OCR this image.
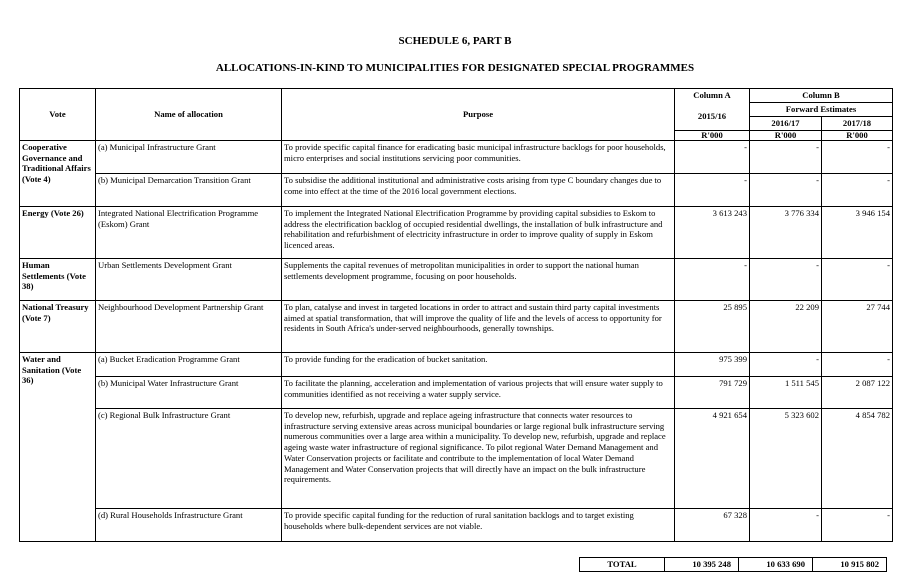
SCHEDULE 6, PART B
ALLOCATIONS-IN-KIND TO MUNICIPALITIES FOR DESIGNATED SPECIAL PROGRAMMES
Vote	Name of allocation	Purpose	Column A	Column B	
			2015/16	Forward Estimates	
				2016/17	2017/18
			R'000	R'000	R'000
Cooperative Governance and Traditional Affairs (Vote 4)	(a) Municipal Infrastructure Grant	To provide specific capital finance for eradicating basic municipal infrastructure backlogs for poor households, micro enterprises and social institutions servicing poor communities.	-	-	-
	(b) Municipal Demarcation Transition Grant	To subsidise the additional institutional and administrative costs arising from type C boundary changes due to come into effect at the time of the 2016 local government elections.	-	-	-
Energy (Vote 26)	Integrated National Electrification Programme (Eskom) Grant	To implement the Integrated National Electrification Programme by providing capital subsidies to Eskom to address the electrification backlog of occupied residential dwellings, the installation of bulk infrastructure and rehabilitation and refurbishment of electricity infrastructure in order to improve quality of supply in Eskom licenced areas.	3 613 243	3 776 334	3 946 154
Human Settlements (Vote 38)	Urban Settlements Development Grant	Supplements the capital revenues of metropolitan municipalities in order to support the national human settlements development programme, focusing on poor households.	-	-	-
National Treasury (Vote 7)	Neighbourhood Development Partnership Grant	To plan, catalyse and invest in targeted locations in order to attract and sustain third party capital investments aimed at spatial transformation, that will improve the quality of life and the levels of access to opportunity for residents in South Africa's under-served neighbourhoods, generally townships.	25 895	22 209	27 744
Water and Sanitation (Vote 36)	(a) Bucket Eradication Programme Grant	To provide funding for the eradication of bucket sanitation.	975 399	-	-
	(b) Municipal Water Infrastructure Grant	To facilitate the planning, acceleration and implementation of various projects that will ensure water supply to communities identified as not receiving a water supply service.	791 729	1 511 545	2 087 122
	(c) Regional Bulk Infrastructure Grant	To develop new, refurbish, upgrade and replace ageing infrastructure that connects water resources to infrastructure serving extensive areas across municipal boundaries or large regional bulk infrastructure serving numerous communities over a large area within a municipality. To develop new, refurbish, upgrade and replace ageing waste water infrastructure of regional significance. To pilot regional Water Demand Management and Water Conservation projects or facilitate and contribute to the implementation of local Water Demand Management and Water Conservation projects that will directly have an impact on the bulk infrastructure requirements.	4 921 654	5 323 602	4 854 782
	(d) Rural Households Infrastructure Grant	To provide specific capital funding for the reduction of rural sanitation backlogs and to target existing households where bulk-dependent services are not viable.	67 328	-	-
TOTAL	10 395 248	10 633 690	10 915 802
